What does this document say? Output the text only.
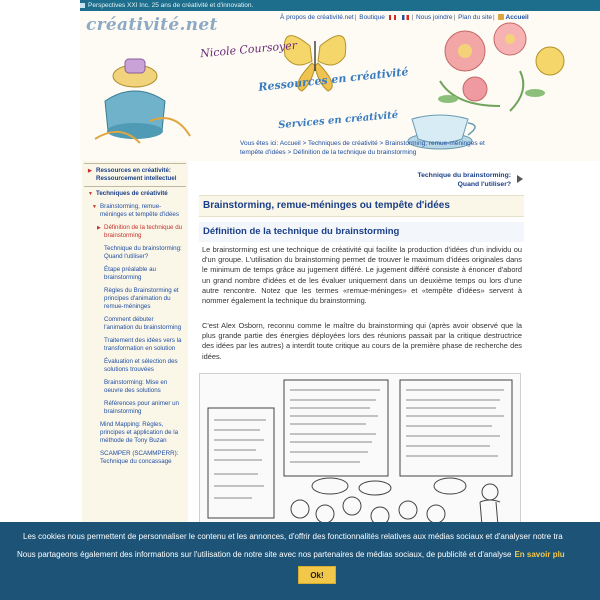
Perspectives XXI Inc. 25 ans de créativité et d'innovation.
créativité.net	À propos de créativité.net| Boutique	| Nous joindre| Plan du site| Accueil
Nicole Coursoyer
Ressources en créativité
Services en créativité
Vous êtes ici: Accueil > Techniques de créativité > Brainstorming, remue-méninges et tempête d'idées > Définition de la technique du brainstorming
▶ Ressources en créativité: Ressourcement intellectuel
▼ Techniques de créativité
▼ Brainstorming, remue-méninges et tempête d'idées
▶ Définition de la technique du brainstorming
Technique du brainstorming: Quand l'utiliser?
Étape préalable au brainstorming
Règles du Brainstorming et principes d'animation du remue-méninges
Comment débuter l'animation du brainstorming
Traitement des idées vers la transformation en solution
Évaluation et sélection des solutions trouvées
Brainstorming: Mise en oeuvre des solutions
Références pour animer un brainstorming
Mind Mapping: Règles, principes et application de la méthode de Tony Buzan
SCAMPER (SCAMMPERR): Technique du concassage
Technique du brainstorming:
Quand l'utiliser?
Brainstorming, remue-méninges ou tempête d'idées
Définition de la technique du brainstorming

Le brainstorming est une technique de créativité qui facilite la production d'idées d'un individu ou d'un groupe. L'utilisation du brainstorming permet de trouver le maximum d'idées originales dans le minimum de temps grâce au jugement différé. Le jugement différé consiste à énoncer d'abord un grand nombre d'idées et de les évaluer uniquement dans un deuxième temps ou lors d'une autre rencontre. Notez que les termes «remue-méninges» et «tempête d'idées» servent à nommer également la technique du brainstorming.

C'est Alex Osborn, reconnu comme le maître du brainstorming qui (après avoir observé que la plus grande partie des énergies déployées lors des réunions passait par la critique destructrice des idées par les autres) a interdit toute critique au cours de la première phase de recherche des idées.

Les cookies nous permettent de personnaliser le contenu et les annonces, d'offrir des fonctionnalités relatives aux médias sociaux et d'analyser notre tra
Nous partageons également des informations sur l'utilisation de notre site avec nos partenaires de médias sociaux, de publicité et d'analyse En savoir plu
Ok!
